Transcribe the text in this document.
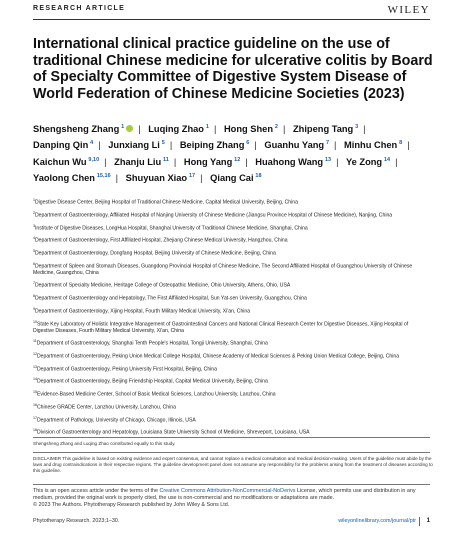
RESEARCH ARTICLE	WILEY
International clinical practice guideline on the use of traditional Chinese medicine for ulcerative colitis by Board of Specialty Committee of Digestive System Disease of World Federation of Chinese Medicine Societies (2023)
Shengsheng Zhang  $^1$ | Luqing Zhao  $^1$ | Hong Shen  $^2$ | Zhipeng Tang  $^3$ | Danping Qin  $^4$ | Junxiang Li  $^5$ | Beiping Zhang  $^6$ | Guanhu Yang  $^7$ | Minhu Chen  $^8$ | Kaichun Wu  $^{9,10}$ | Zhanju Liu  $^{11}$ | Hong Yang  $^{12}$ | Huahong Wang  $^{13}$ | Ye Zong  $^{14}$ | Yaolong Chen  $^{15,16}$ | Shuyuan Xiao  $^{17}$ | Qiang Cai  $^{18}$
$^1$Digestive Disease Center, Beijing Hospital of Traditional Chinese Medicine, Capital Medical University, Beijing, China
$^2$Department of Gastroenterology, Affiliated Hospital of Nanjing University of Chinese Medicine (Jiangsu Province Hospital of Chinese Medicine), Nanjing, China
$^3$Institute of Digestive Diseases, LongHua Hospital, Shanghai University of Traditional Chinese Medicine, Shanghai, China
$^4$Department of Gastroenterology, First Affiliated Hospital, Zhejiang Chinese Medical University, Hangzhou, China
$^5$Department of Gastroenterology, Dongfang Hospital, Beijing University of Chinese Medicine, Beijing, China
$^6$Department of Spleen and Stomach Diseases, Guangdong Provincial Hospital of Chinese Medicine, The Second Affiliated Hospital of Guangzhou University of Chinese Medicine, Guangzhou, China
$^7$Department of Specialty Medicine, Heritage College of Osteopathic Medicine, Ohio University, Athens, Ohio, USA
$^8$Department of Gastroenterology and Hepatology, The First Affiliated Hospital, Sun Yat-sen University, Guangzhou, China
$^9$Department of Gastroenterology, Xijing Hospital, Fourth Military Medical University, Xi'an, China
$^{10}$State Key Laboratory of Holistic Integrative Management of Gastrointestinal Cancers and National Clinical Research Center for Digestive Diseases, Xijing Hospital of Digestive Diseases, Fourth Military Medical University, Xi'an, China
$^{11}$Department of Gastroenterology, Shanghai Tenth People's Hospital, Tongji University, Shanghai, China
$^{12}$Department of Gastroenterology, Peking Union Medical College Hospital, Chinese Academy of Medical Sciences & Peking Union Medical College, Beijing, China
$^{13}$Department of Gastroenterology, Peking University First Hospital, Beijing, China
$^{14}$Department of Gastroenterology, Beijing Friendship Hospital, Capital Medical University, Beijing, China
$^{15}$Evidence-Based Medicine Center, School of Basic Medical Sciences, Lanzhou University, Lanzhou, China
$^{16}$Chinese GRADE Center, Lanzhou University, Lanzhou, China
$^{17}$Department of Pathology, University of Chicago, Chicago, Illinois, USA
$^{18}$Division of Gastroenterology and Hepatology, Louisiana State University School of Medicine, Shreveport, Louisiana, USA
Shengsheng Zhang and Luqing Zhao contributed equally to this study.
DISCLAIMER This guideline is based on existing evidence and expert consensus, and cannot replace a medical consultation and medical decision-making. Users of the guideline must abide by the laws and drug contraindications in their respective regions. The guideline development panel does not assume any responsibility for the problems arising from the treatment of diseases according to this guideline.
This is an open access article under the terms of the Creative Commons Attribution-NonCommercial-NoDerivs License, which permits use and distribution in any medium, provided the original work is properly cited, the use is non-commercial and no modifications or adaptations are made.
© 2023 The Authors. Phytotherapy Research published by John Wiley & Sons Ltd.
Phytotherapy Research. 2023;1–30.	wileyonlinelibrary.com/journal/ptr 1
